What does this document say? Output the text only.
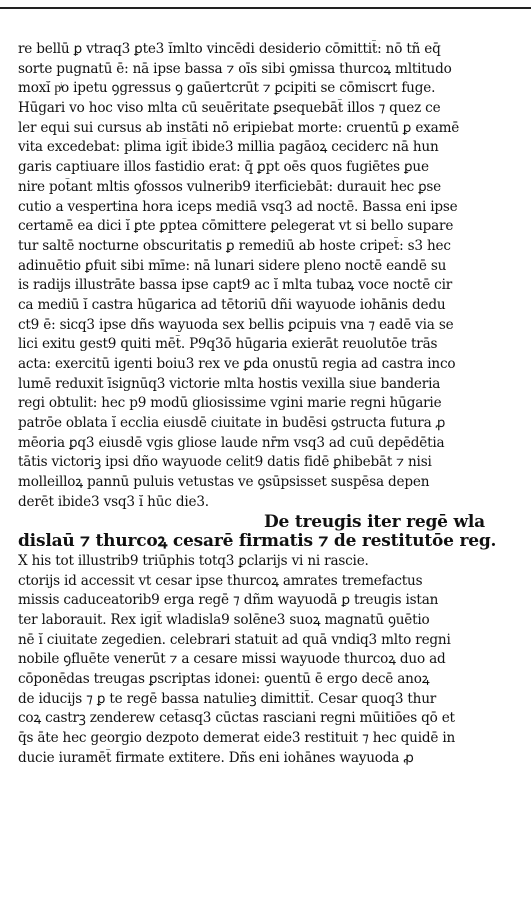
re bellū ꝑ vtraq3 ꝑte3 ĭmlto vincēdi desiderio cōmittit̄: nō tñ eq̄
sorte pugnatū ē: nā ipse bassa ⁊ oīs sibi ꝯmissa thurcoꝝ mltitudo
moxĭ pͥo ipetu ꝯgressus ꝯ gaūertcrūt ⁊ ꝑcipiti se cōmiscrt fuge.
Hūgari vo hoc viso mlta cū seuēritate ꝑsequebāt̄ illos ⁊ quez ce
ler equi sui cursus ab instāti nō eripiebat morte: cruentū ꝑ examē
vita excedebat: plima igit̄ ibide3 millia pagāoꝝ ceciderc nā hun
garis captiuare illos fastidio erat: q̄ ꝑpt oēs quos fugiētes ꝑue
nire pot̄ant mltis ꝯfossos vulnerib9 iterficiebāt: durauit hec ꝑse
cutio a vespertina hora iceps mediā vsq3 ad noctē. Bassa eni ipse
certamē ea dici ĭ ꝑte ꝑptea cōmittere ꝑelegerat vt si bello supare
tur saltē nocturne obscuritatis ꝑ remediū ab hoste cripet̄: s3 hec
adinuētio ꝑfuit sibi mīme: nā lunari sidere pleno noctē eandē su
is radijs illustrāte bassa ipse capt9 ac ĭ mlta tubaꝝ voce noctē cir
ca mediū ĭ castra hūgarica ad tētoriū dñi wayuode iohānis dedu
ct9 ē: sicq3 ipse dñs wayuoda sex bellis ꝑcipuis vna ⁊ eadē via se
lici exitu gest9 quiti mēt̄. P9q3ō hūgaria exierāt reuolutōe trās
acta: exercitū igenti boiu3 rex ve ꝑda onustū regia ad castra inco
lumē reduxit īsignūq3 victorie mlta hostis vexilla siue banderia
regi obtulit: hec p9 modū gliosissime vgini marie regni hūgarie
patrōe oblata ĭ ecclia eiusdē ciuitate in budēsi ꝯstructa futura ꝓ
mēoria ꝑq3 eiusdē vgis gliose laude nr̄m vsq3 ad cuū depēdētia
tātis victoriꝫ ipsi dño wayuode celit9 datis fidē ꝑhibebāt ⁊ nisi
molleilloꝝ pannū puluis vetustas ve ꝯsūpsisset suspēsa depen
derēt ibide3 vsq3 ĭ hūc die3.
De treugis iter regē wla
dislaū ⁊ thurcoꝝ cesarē firmatis ⁊ de restitutōe reg.
X his tot illustrib9 triūphis totq3 ꝑclarijs vi ni rascie.
ctorijs id accessit vt cesar ipse thurcoꝝ amrates tremefactus
missis caduceatorib9 erga regē ⁊ dñm wayuodā ꝑ treugis istan
ter laborauit. Rex igit̄ wladisla9 solēne3 suoꝝ magnatū ꝯuētio
nē ĭ ciuitate zegedien. celebrari statuit ad quā vndiq3 mlto regni
nobile ꝯfluēte venerūt ⁊ a cesare missi wayuode thurcoꝝ duo ad
cōponēdas treugas ꝑscriptas idonei: ꝯuentū ē ergo decē anoꝝ
de iducijs ⁊ ꝑ te regē bassa natulieꝫ dimittit̄. Cesar quoq3 thur
coꝝ castrꝫ zenderew cet̄asq3 cūctas rasciani regni mūitiōes qō et
q̄s āte hec georgio dezpoto demerat eide3 restituit ⁊ hec quidē in
ducie iuramēt̄ firmate extitere. Dñs eni iohānes wayuoda ꝓ
